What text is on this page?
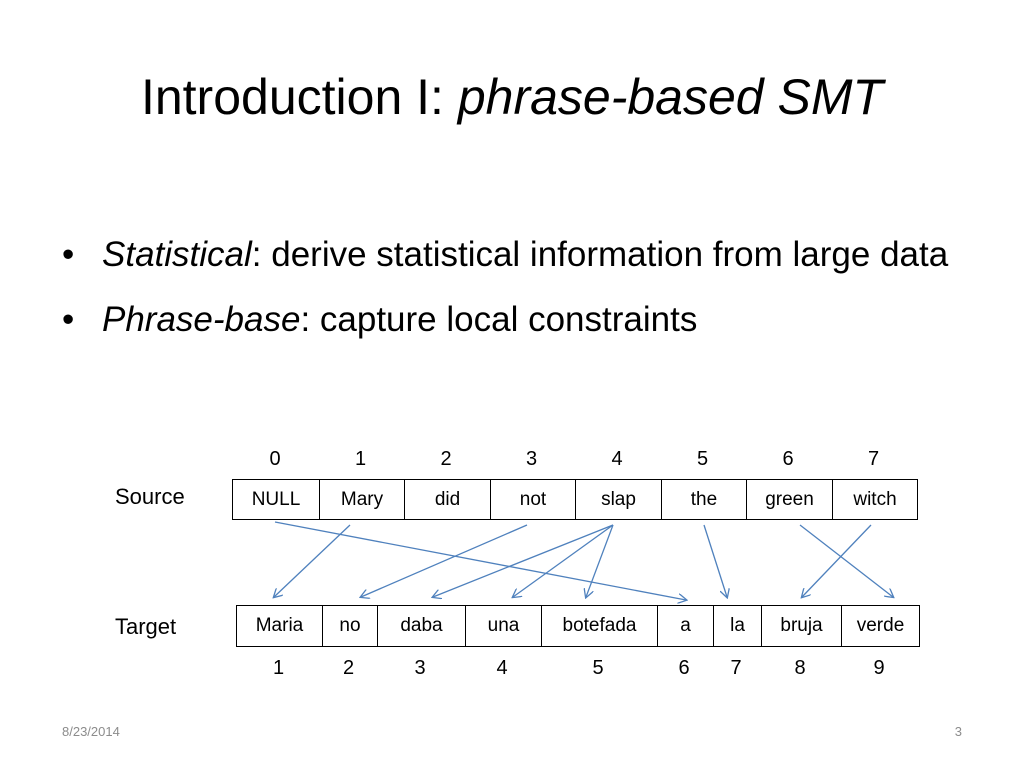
Introduction I: phrase-based SMT
• Statistical: derive statistical information from large data
• Phrase-base: capture local constraints
Source
Target
0	1	2	3	4	5	6	7
NULL	Mary	did	not	slap	the	green	witch
Maria	no	daba	una	botefada	a	la	bruja	verde
1	2	3	4	5	6	7	8	9
8/23/2014	3
